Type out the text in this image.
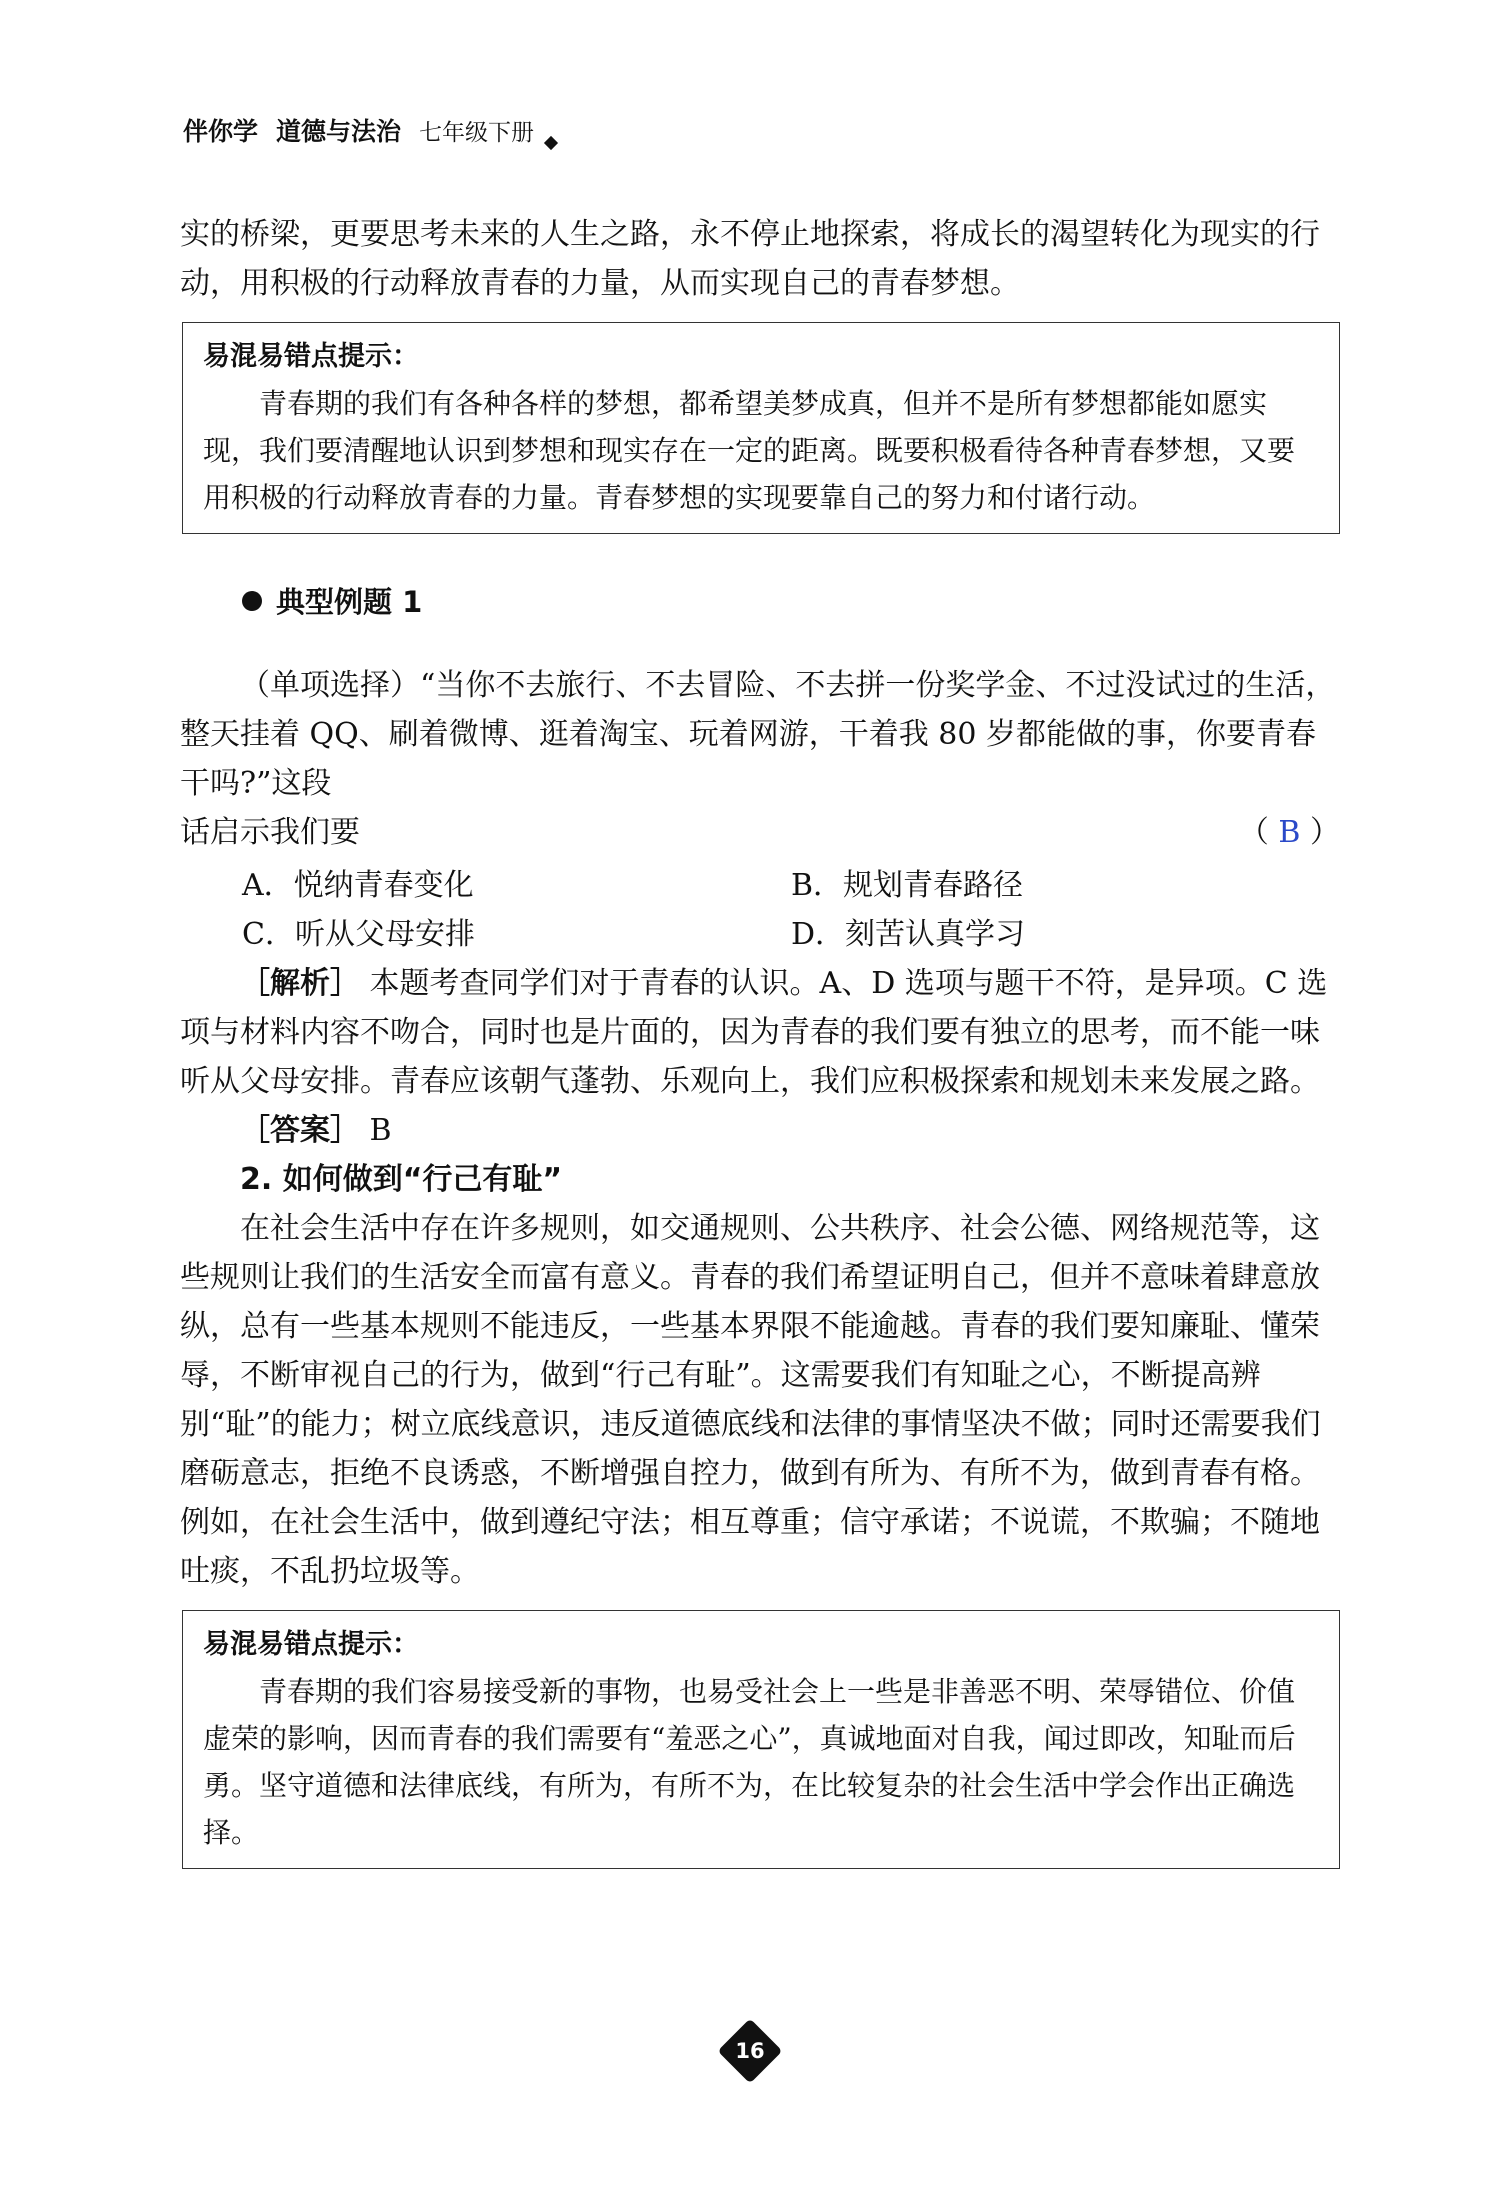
伴你学 道德与法治 七年级下册

实的桥梁，更要思考未来的人生之路，永不停止地探索，将成长的渴望转化为现实的行动，用积极的行动释放青春的力量，从而实现自己的青春梦想。

易混易错点提示：

青春期的我们有各种各样的梦想，都希望美梦成真，但并不是所有梦想都能如愿实现，我们要清醒地认识到梦想和现实存在一定的距离。既要积极看待各种青春梦想，又要用积极的行动释放青春的力量。青春梦想的实现要靠自己的努力和付诸行动。

典型例题 1

（单项选择）“当你不去旅行、不去冒险、不去拼一份奖学金、不过没试过的生活，整天挂着 QQ、刷着微博、逛着淘宝、玩着网游，干着我 80 岁都能做的事，你要青春干吗?”这段

话启示我们要	（ B ）
A．悦纳青春变化	B．规划青春路径
C．听从父母安排	D．刻苦认真学习

［解析］ 本题考查同学们对于青春的认识。A、D 选项与题干不符，是异项。C 选项与材料内容不吻合，同时也是片面的，因为青春的我们要有独立的思考，而不能一味听从父母安排。青春应该朝气蓬勃、乐观向上，我们应积极探索和规划未来发展之路。

［答案］ B

2. 如何做到“行己有耻”

在社会生活中存在许多规则，如交通规则、公共秩序、社会公德、网络规范等，这些规则让我们的生活安全而富有意义。青春的我们希望证明自己，但并不意味着肆意放纵，总有一些基本规则不能违反，一些基本界限不能逾越。青春的我们要知廉耻、懂荣辱，不断审视自己的行为，做到“行己有耻”。这需要我们有知耻之心，不断提高辨别“耻”的能力；树立底线意识，违反道德底线和法律的事情坚决不做；同时还需要我们磨砺意志，拒绝不良诱惑，不断增强自控力，做到有所为、有所不为，做到青春有格。例如，在社会生活中，做到遵纪守法；相互尊重；信守承诺；不说谎，不欺骗；不随地吐痰，不乱扔垃圾等。

易混易错点提示：

青春期的我们容易接受新的事物，也易受社会上一些是非善恶不明、荣辱错位、价值虚荣的影响，因而青春的我们需要有“羞恶之心”，真诚地面对自我，闻过即改，知耻而后勇。坚守道德和法律底线，有所为，有所不为，在比较复杂的社会生活中学会作出正确选择。

16
